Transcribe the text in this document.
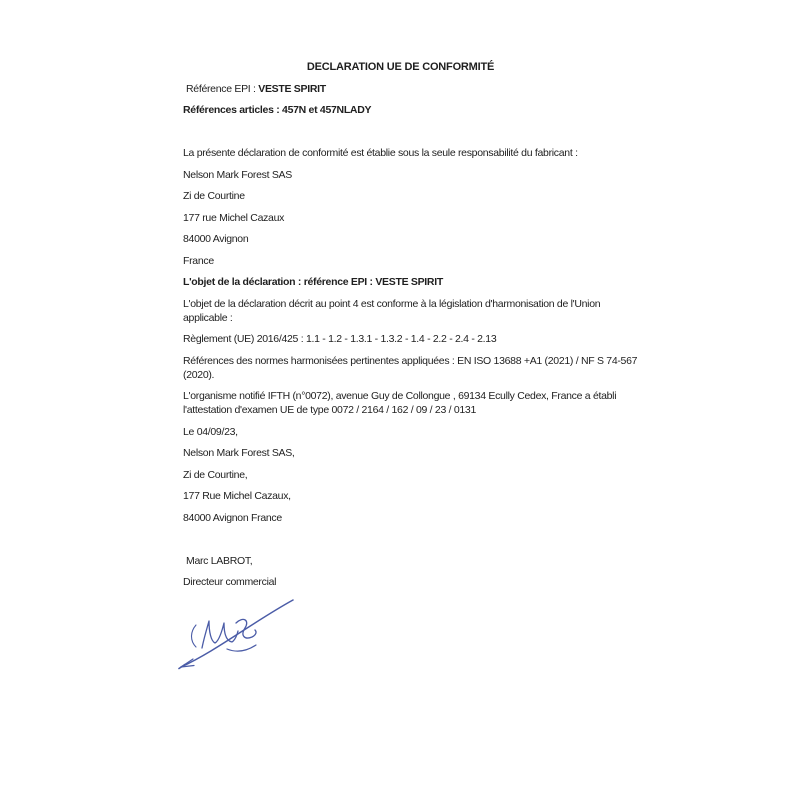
DECLARATION UE DE CONFORMITÉ

Référence EPI : VESTE SPIRIT

Références articles : 457N et 457NLADY

La présente déclaration de conformité est établie sous la seule responsabilité du fabricant :

Nelson Mark Forest SAS

Zi de Courtine

177 rue Michel Cazaux

84000 Avignon

France

L'objet de la déclaration : référence EPI : VESTE SPIRIT

L'objet de la déclaration décrit au point 4 est conforme à la législation d'harmonisation de l'Union
applicable :

Règlement (UE) 2016/425 : 1.1 - 1.2 - 1.3.1 - 1.3.2 - 1.4 - 2.2 - 2.4 - 2.13

Références des normes harmonisées pertinentes appliquées : EN ISO 13688 +A1 (2021) / NF S 74-567
(2020).

L'organisme notifié IFTH (n°0072), avenue Guy de Collongue , 69134 Ecully Cedex, France a établi
l'attestation d'examen UE de type 0072 / 2164 / 162 / 09 / 23 / 0131

Le 04/09/23,

Nelson Mark Forest SAS,

Zi de Courtine,

177 Rue Michel Cazaux,

84000 Avignon France

Marc LABROT,

Directeur commercial
